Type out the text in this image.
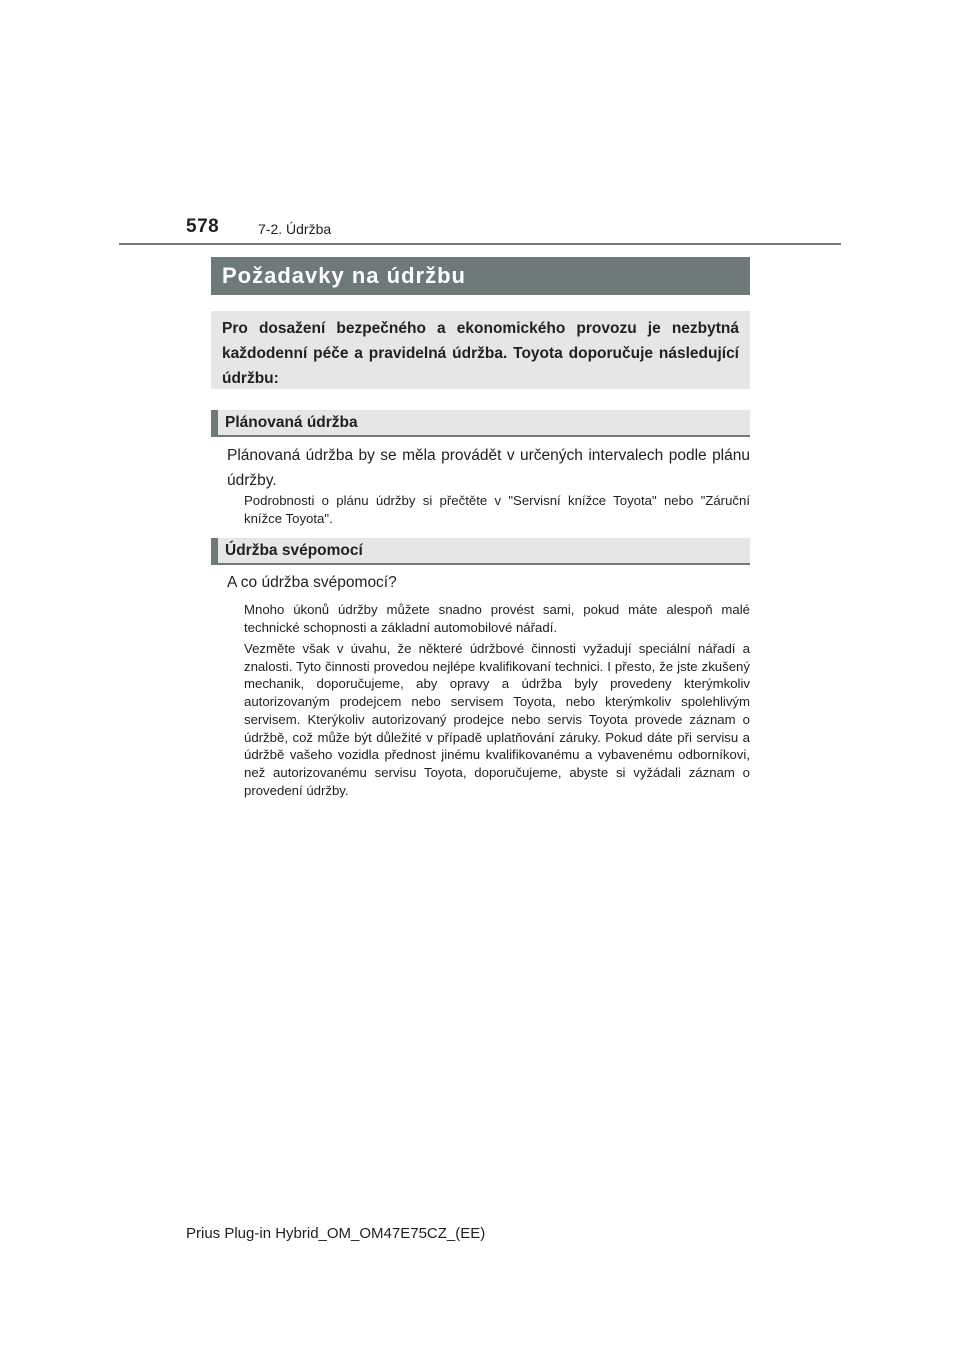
578	7-2. Údržba
Požadavky na údržbu
Pro dosažení bezpečného a ekonomického provozu je nezbytná každodenní péče a pravidelná údržba. Toyota doporučuje následující údržbu:
Plánovaná údržba
Plánovaná údržba by se měla provádět v určených intervalech podle plánu údržby.
Podrobnosti o plánu údržby si přečtěte v "Servisní knížce Toyota" nebo "Záruční knížce Toyota".
Údržba svépomocí
A co údržba svépomocí?
Mnoho úkonů údržby můžete snadno provést sami, pokud máte alespoň malé technické schopnosti a základní automobilové nářadí.
Vezměte však v úvahu, že některé údržbové činnosti vyžadují speciální nářadí a znalosti. Tyto činnosti provedou nejlépe kvalifikovaní technici. I přesto, že jste zkušený mechanik, doporučujeme, aby opravy a údržba byly provedeny kterýmkoliv autorizovaným prodejcem nebo servisem Toyota, nebo kterýmkoliv spolehlivým servisem. Kterýkoliv autorizovaný prodejce nebo servis Toyota provede záznam o údržbě, což může být důležité v případě uplatňování záruky. Pokud dáte při servisu a údržbě vašeho vozidla přednost jinému kvalifikovanému a vybavenému odborníkovi, než autorizovanému servisu Toyota, doporučujeme, abyste si vyžádali záznam o provedení údržby.
Prius Plug-in Hybrid_OM_OM47E75CZ_(EE)
